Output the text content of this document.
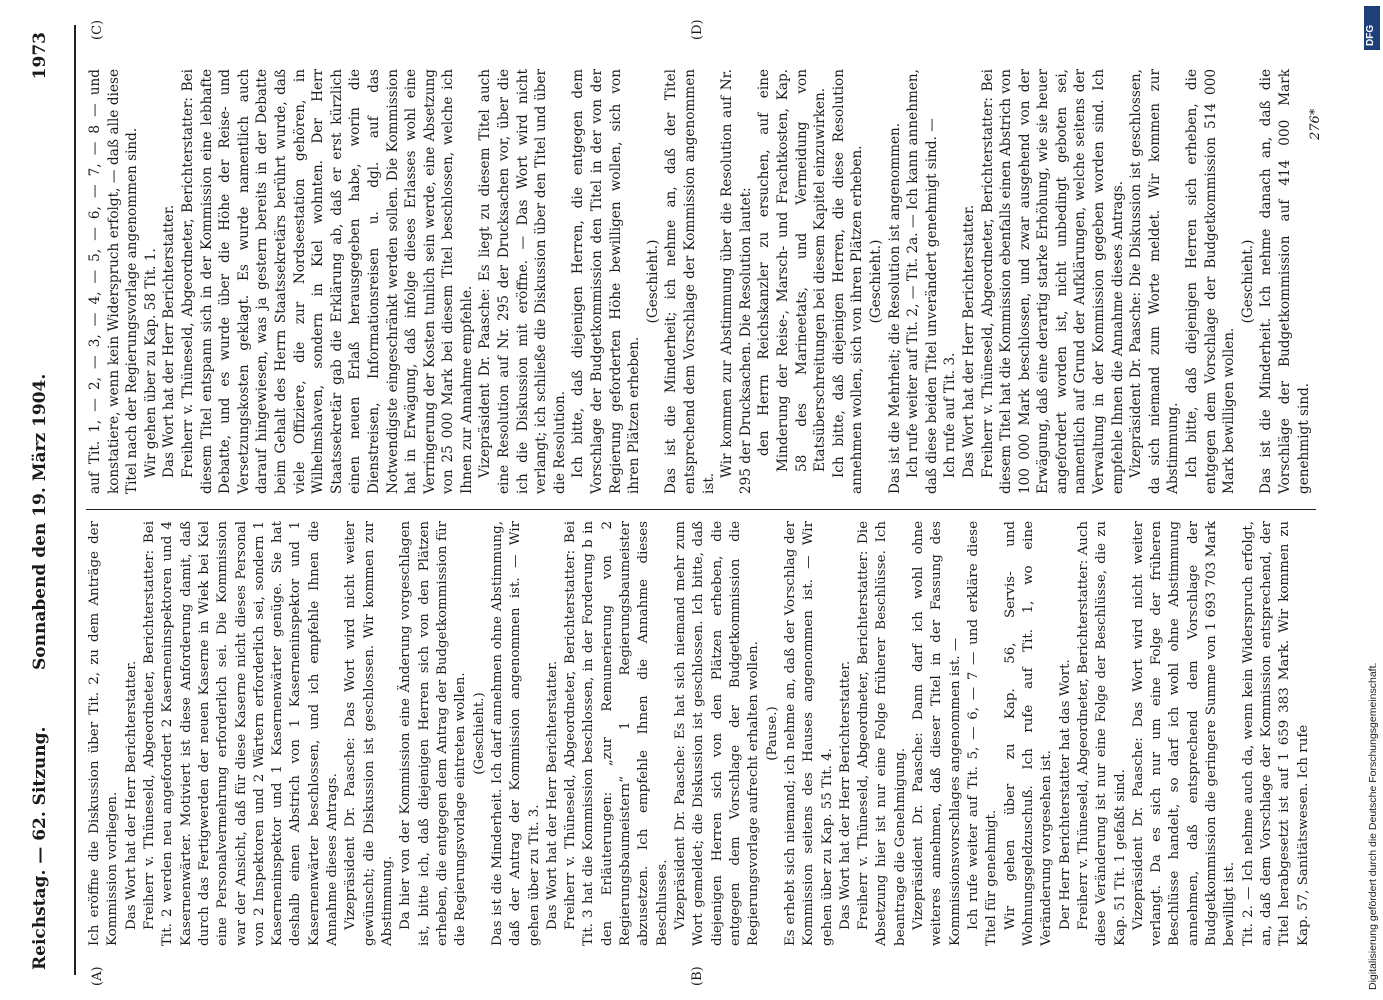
Reichstag. — 62. Sitzung.
Sonnabend den 19. März 1904.
1973
(A)	(B)
(C)	(D)

Ich eröffne die Diskussion über Tit. 2, zu dem Anträge der Kommission vorliegen. Das Wort hat der Herr Berichterstatter. Freiherr v. Thüneseld, Abgeordneter, Berichterstatter: Bei Tit. 2 werden neu angefordert 2 Kaserneninspektoren und 4 Kasernenwärter. Motiviert ist diese Anforderung damit, daß durch das Fertigwerden der neuen Kaserne in Wiek bei Kiel eine Personalvermehrung erforderlich sei. Die Kommission war der Ansicht, daß für diese Kaserne nicht dieses Personal von 2 Inspektoren und 2 Wärtern erforderlich sei, sondern 1 Kaserneninspektor und 1 Kasernenwärter genüge. Sie hat deshalb einen Abstrich von 1 Kaserneninspektor und 1 Kasernenwärter beschlossen, und ich empfehle Ihnen die Annahme dieses Antrags. Vizepräsident Dr. Paasche: Das Wort wird nicht weiter gewünscht; die Diskussion ist geschlossen. Wir kommen zur Abstimmung. Da hier von der Kommission eine Änderung vorgeschlagen ist, bitte ich, daß diejenigen Herren sich von den Plätzen erheben, die entgegen dem Antrag der Budgetkommission für die Regierungsvorlage eintreten wollen. (Geschieht.) Das ist die Minderheit. Ich darf annehmen ohne Abstimmung, daß der Antrag der Kommission angenommen ist. — Wir gehen über zu Tit. 3. Das Wort hat der Herr Berichterstatter. Freiherr v. Thüneseld, Abgeordneter, Berichterstatter: Bei Tit. 3 hat die Kommission beschlossen, in der Forderung b in den Erläuterungen: „zur Remunerierung von 2 Regierungsbaumeistern“ 1 Regierungsbaumeister abzusetzen. Ich empfehle Ihnen die Annahme dieses Beschlusses. Vizepräsident Dr. Paasche: Es hat sich niemand mehr zum Wort gemeldet; die Diskussion ist geschlossen. Ich bitte, daß diejenigen Herren sich von den Plätzen erheben, die entgegen dem Vorschlage der Budgetkommission die Regierungsvorlage aufrecht erhalten wollen. (Pause.) Es erhebt sich niemand; ich nehme an, daß der Vorschlag der Kommission seitens des Hauses angenommen ist. — Wir gehen über zu Kap. 55 Tit. 4. Das Wort hat der Herr Berichterstatter. Freiherr v. Thüneseld, Abgeordneter, Berichterstatter: Die Absetzung hier ist nur eine Folge früherer Beschlüsse. Ich beantrage die Genehmigung. Vizepräsident Dr. Paasche: Dann darf ich wohl ohne weiteres annehmen, daß dieser Titel in der Fassung des Kommissionsvorschlages angenommen ist. — Ich rufe weiter auf Tit. 5, — 6, — 7 — und erkläre diese Titel für genehmigt. Wir gehen über zu Kap. 56, Servis- und Wohnungsgeldzuschuß. Ich rufe auf Tit. 1, wo eine Veränderung vorgesehen ist. Der Herr Berichterstatter hat das Wort. Freiherr v. Thüneseld, Abgeordneter, Berichterstatter: Auch diese Veränderung ist nur eine Folge der Beschlüsse, die zu Kap. 51 Tit. 1 gefaßt sind. Vizepräsident Dr. Paasche: Das Wort wird nicht weiter verlangt. Da es sich nur um eine Folge der früheren Beschlüsse handelt, so darf ich wohl ohne Abstimmung annehmen, daß entsprechend dem Vorschlage der Budgetkommission die geringere Summe von 1 693 703 Mark bewilligt ist. Tit. 2. — Ich nehme auch da, wenn kein Widerspruch erfolgt, an, daß dem Vorschlage der Kommission entsprechend, der Titel herabgesetzt ist auf 1 659 383 Mark. Wir kommen zu Kap. 57, Sanitätswesen. Ich rufe

auf Tit. 1, — 2, — 3, — 4, — 5, — 6, — 7, — 8 — und konstatiere, wenn kein Widerspruch erfolgt, — daß alle diese Titel nach der Regierungsvorlage angenommen sind. Wir gehen über zu Kap. 58 Tit. 1. Das Wort hat der Herr Berichterstatter. Freiherr v. Thüneseld, Abgeordneter, Berichterstatter: Bei diesem Titel entspann sich in der Kommission eine lebhafte Debatte, und es wurde über die Höhe der Reise- und Versetzungskosten geklagt. Es wurde namentlich auch darauf hingewiesen, was ja gestern bereits in der Debatte beim Gehalt des Herrn Staatssekretärs berührt wurde, daß viele Offiziere, die zur Nordseestation gehören, in Wilhelmshaven, sondern in Kiel wohnten. Der Herr Staatssekretär gab die Erklärung ab, daß er erst kürzlich einen neuen Erlaß herausgegeben habe, worin die Dienstreisen, Informationsreisen u. dgl. auf das Notwendigste eingeschränkt werden sollen. Die Kommission hat in Erwägung, daß infolge dieses Erlasses wohl eine Verringerung der Kosten tunlich sein werde, eine Absetzung von 25 000 Mark bei diesem Titel beschlossen, welche ich Ihnen zur Annahme empfehle. Vizepräsident Dr. Paasche: Es liegt zu diesem Titel auch eine Resolution auf Nr. 295 der Drucksachen vor, über die ich die Diskussion mit eröffne. — Das Wort wird nicht verlangt; ich schließe die Diskussion über den Titel und über die Resolution. Ich bitte, daß diejenigen Herren, die entgegen dem Vorschlage der Budgetkommission den Titel in der von der Regierung geforderten Höhe bewilligen wollen, sich von ihren Plätzen erheben.

(Geschieht.) Das ist die Minderheit; ich nehme an, daß der Titel entsprechend dem Vorschlage der Kommission angenommen ist.

Wir kommen zur Abstimmung über die Resolution auf Nr. 295 der Drucksachen. Die Resolution lautet: den Herrn Reichskanzler zu ersuchen, auf eine Minderung der Reise-, Marsch- und Frachtkosten, Kap. 58 des Marineetats, und Vermeidung von Etatsüberschreitungen bei diesem Kapitel einzuwirken. Ich bitte, daß diejenigen Herren, die diese Resolution annehmen wollen, sich von ihren Plätzen erheben. (Geschieht.) Das ist die Mehrheit; die Resolution ist angenommen. Ich rufe weiter auf Tit. 2, — Tit. 2a. — Ich kann annehmen, daß diese beiden Titel unverändert genehmigt sind. — Ich rufe auf Tit. 3. Das Wort hat der Herr Berichterstatter. Freiherr v. Thüneseld, Abgeordneter, Berichterstatter: Bei diesem Titel hat die Kommission ebenfalls einen Abstrich von 100 000 Mark beschlossen, und zwar ausgehend von der Erwägung, daß eine derartig starke Erhöhung, wie sie heuer angefordert worden ist, nicht unbedingt geboten sei, namentlich auf Grund der Aufklärungen, welche seitens der Verwaltung in der Kommission gegeben worden sind. Ich empfehle Ihnen die Annahme dieses Antrags. Vizepräsident Dr. Paasche: Die Diskussion ist geschlossen, da sich niemand zum Worte meldet. Wir kommen zur Abstimmung. Ich bitte, daß diejenigen Herren sich erheben, die entgegen dem Vorschlage der Budgetkommission 514 000 Mark bewilligen wollen.

(Geschieht.) Das ist die Minderheit. Ich nehme danach an, daß die Vorschläge der Budgetkommission auf 414 000 Mark genehmigt sind.

276*
DFG
Digitalisierung gefördert durch die Deutsche Forschungsgemeinschaft.
